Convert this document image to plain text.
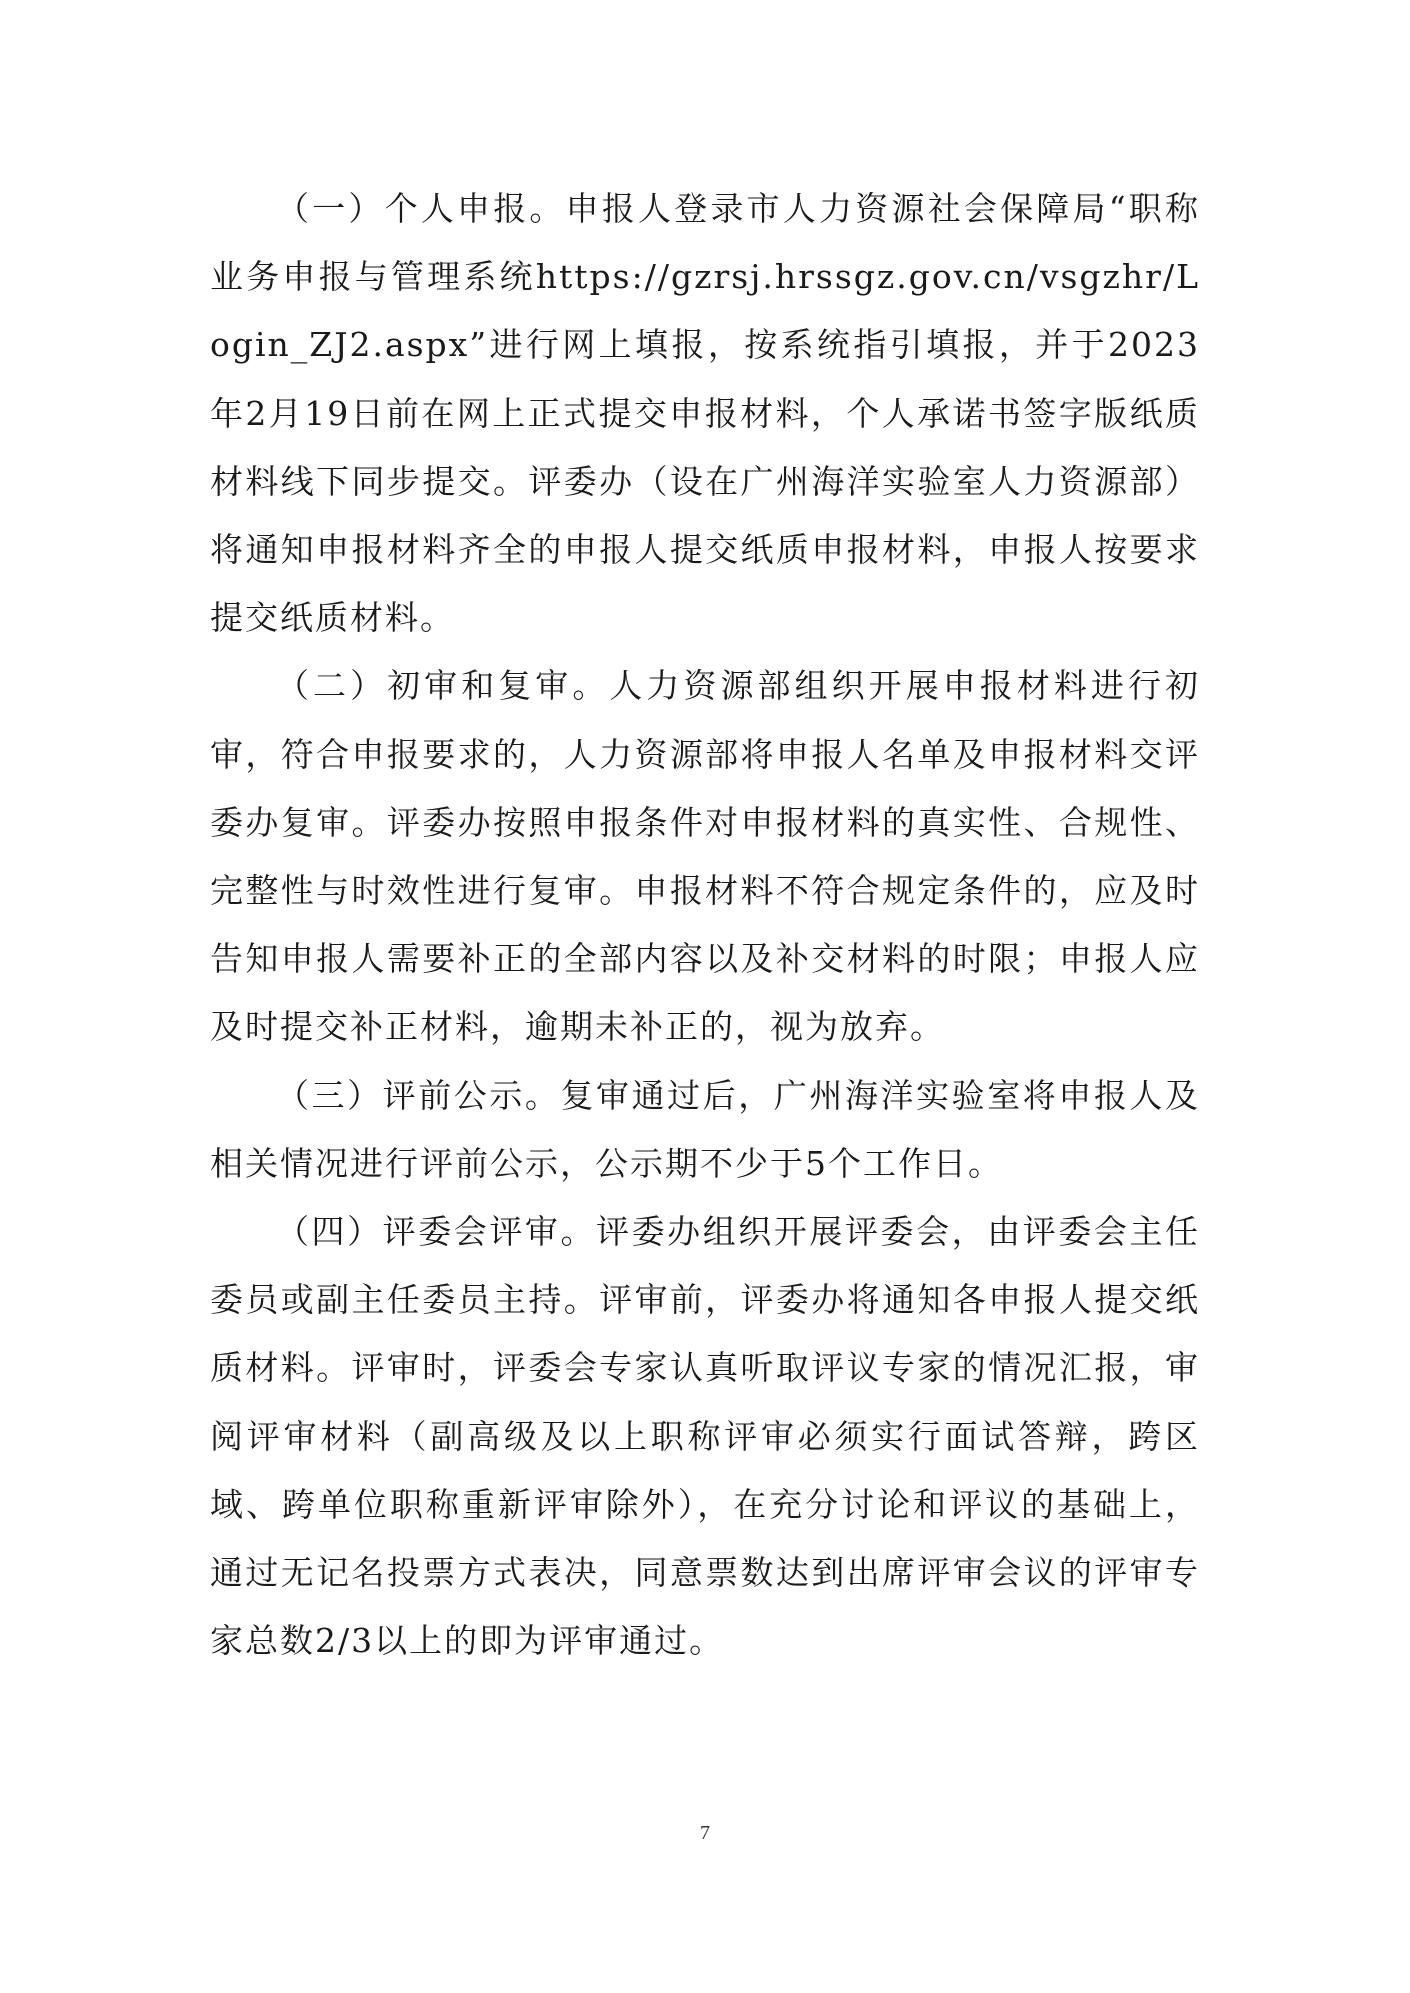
（一）个人申报。申报人登录市人力资源社会保障局“职称业务申报与管理系统https://gzrsj.hrssgz.gov.cn/vsgzhr/Login_ZJ2.aspx”进行网上填报，按系统指引填报，并于2023年2月19日前在网上正式提交申报材料，个人承诺书签字版纸质材料线下同步提交。评委办（设在广州海洋实验室人力资源部）将通知申报材料齐全的申报人提交纸质申报材料，申报人按要求提交纸质材料。

（二）初审和复审。人力资源部组织开展申报材料进行初审，符合申报要求的，人力资源部将申报人名单及申报材料交评委办复审。评委办按照申报条件对申报材料的真实性、合规性、完整性与时效性进行复审。申报材料不符合规定条件的，应及时告知申报人需要补正的全部内容以及补交材料的时限；申报人应及时提交补正材料，逾期未补正的，视为放弃。

（三）评前公示。复审通过后，广州海洋实验室将申报人及相关情况进行评前公示，公示期不少于5个工作日。

（四）评委会评审。评委办组织开展评委会，由评委会主任委员或副主任委员主持。评审前，评委办将通知各申报人提交纸质材料。评审时，评委会专家认真听取评议专家的情况汇报，审阅评审材料（副高级及以上职称评审必须实行面试答辩，跨区域、跨单位职称重新评审除外），在充分讨论和评议的基础上，通过无记名投票方式表决，同意票数达到出席评审会议的评审专家总数2/3以上的即为评审通过。

7
